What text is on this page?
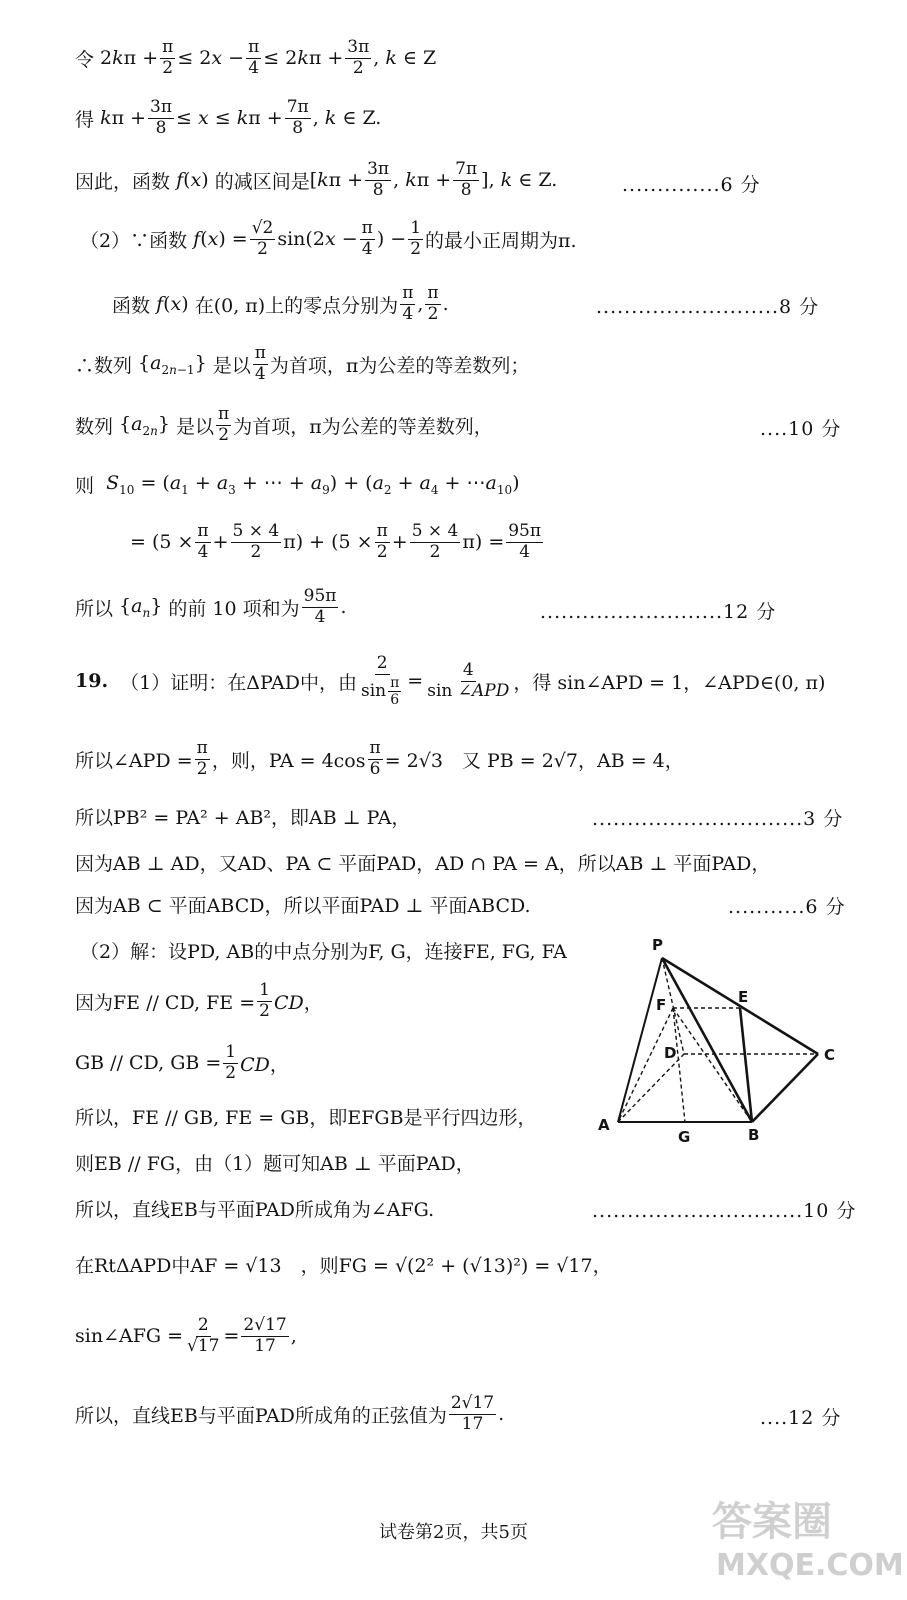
令 $2k\pi + \frac{\pi}{2} \le 2x - \frac{\pi}{4} \le 2k\pi + \frac{3\pi}{2}$ , k ∈ Z
得 $k\pi + \frac{3\pi}{8} \le x \le k\pi + \frac{7\pi}{8}$ , k ∈ Z.
因此，函数 f(x) 的减区间是 [$k\pi + \frac{3\pi}{8}$ , $k\pi + \frac{7\pi}{8}$ ], k ∈ Z.	..............6 分
（2）∵函数 $f(x) = \frac{√2}{2} \sin(2x - \frac{\pi}{4}$ ) − $\frac{1}{2}$ 的最小正周期为π.
函数 f(x) 在(0, π)上的零点分别为
π
4 ,
π
2 .	..........................8 分
∴数列 $\{a_{2n-1}\}$ 是以
π
4 为首项，π为公差的等差数列；
数列 $\{a_{2n}\}$ 是以
π
2 为首项，π为公差的等差数列，	....10 分
则 $S_{10} = (a_1 + a_3$ + ⋯ + $a_9) + (a_2 + a_4$ + $\cdots a_{10}$)
= $(5 \times \frac{\pi}{4} + \frac{5 \times 4}{2} \pi) + (5 \times \frac{\pi}{2} + \frac{5 \times 4}{2} \pi) = \frac{95\pi}{4}$
所以 $\{a_n\}$ 的前 10 项和为
95π
4 .	..........................12 分
19.
（1）证明：在ΔPAD中，由 $\frac{2}{\sin \frac{\pi}{6}}$ =
4
sin ∠APD ，得 sin∠APD = 1，∠APD∈(0, π)
所以∠APD = $\frac{\pi}{2}$ ，则，PA = $4\cos \frac{\pi}{6} = 2√3$　又 PB = 2√7，AB = 4，
所以PB² = PA² + AB²，即AB ⊥ PA，	..............................3 分
因为AB ⊥ AD，又AD、PA ⊂ 平面PAD，AD ∩ PA = A，所以AB ⊥ 平面PAD，
因为AB ⊂ 平面ABCD，所以平面PAD ⊥ 平面ABCD.	...........6 分
（2）解：设PD, AB的中点分别为F, G，连接FE, FG, FA
因为FE // CD, FE = $\frac{1}{2}$ CD，
GB // CD, GB = $\frac{1}{2}$ CD，
所以，FE // GB, FE = GB，即EFGB是平行四边形，
则EB // FG，由（1）题可知AB ⊥ 平面PAD，
所以，直线EB与平面PAD所成角为∠AFG.	..............................10 分
在RtΔAPD中AF = √13　，则FG = √(2² + (√13)²) = √17，
sin∠AFG = $\frac{2}{√17} = \frac{2√17}{17}$ ,
所以，直线EB与平面PAD所成角的正弦值为
2√17
17 .	....12 分
P
E
F
D	C
A
G	B
试卷第2页，共5页	答案圈
MXQE.COM
